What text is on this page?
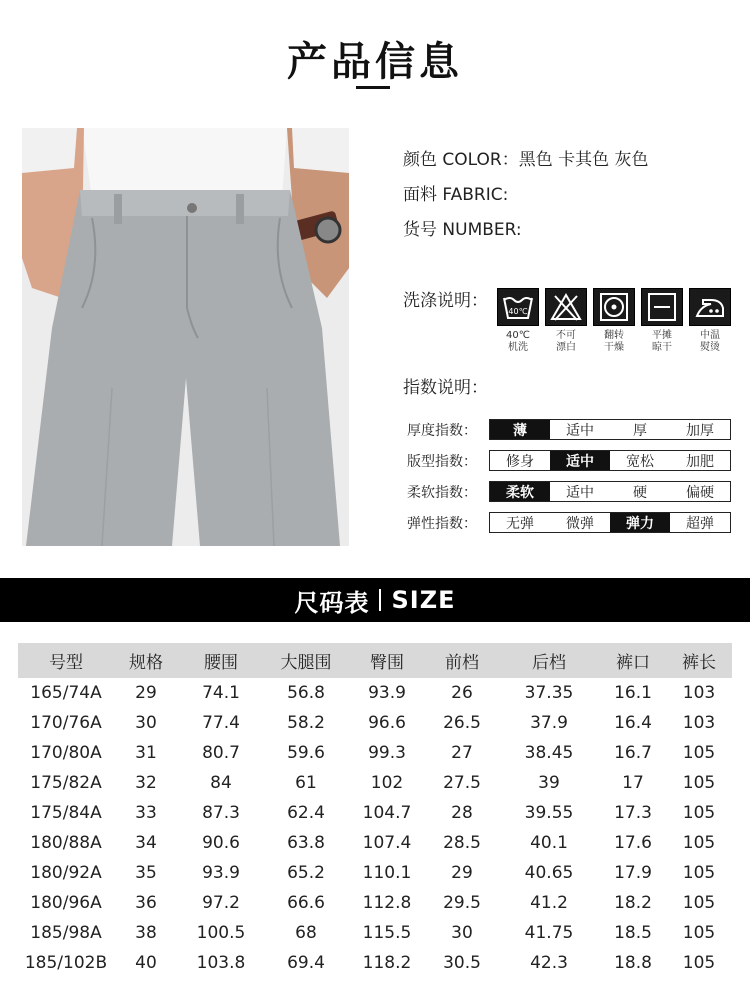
产品信息
颜色 COLOR：黑色 卡其色 灰色
面料 FABRIC:
货号 NUMBER:
洗涤说明：
40℃
40℃
机洗
不可
漂白
翻转
干燥
平摊
晾干
中温
熨烫
指数说明：
厚度指数：	薄	适中	厚	加厚
版型指数：	修身	适中	宽松	加肥
柔软指数：	柔软	适中	硬	偏硬
弹性指数：	无弹	微弹	弹力	超弹
尺码表 SIZE
号型	规格	腰围	大腿围	臀围	前档	后档	裤口	裤长
165/74A	29	74.1	56.8	93.9	26	37.35	16.1	103
170/76A	30	77.4	58.2	96.6	26.5	37.9	16.4	103
170/80A	31	80.7	59.6	99.3	27	38.45	16.7	105
175/82A	32	84	61	102	27.5	39	17	105
175/84A	33	87.3	62.4	104.7	28	39.55	17.3	105
180/88A	34	90.6	63.8	107.4	28.5	40.1	17.6	105
180/92A	35	93.9	65.2	110.1	29	40.65	17.9	105
180/96A	36	97.2	66.6	112.8	29.5	41.2	18.2	105
185/98A	38	100.5	68	115.5	30	41.75	18.5	105
185/102B	40	103.8	69.4	118.2	30.5	42.3	18.8	105
